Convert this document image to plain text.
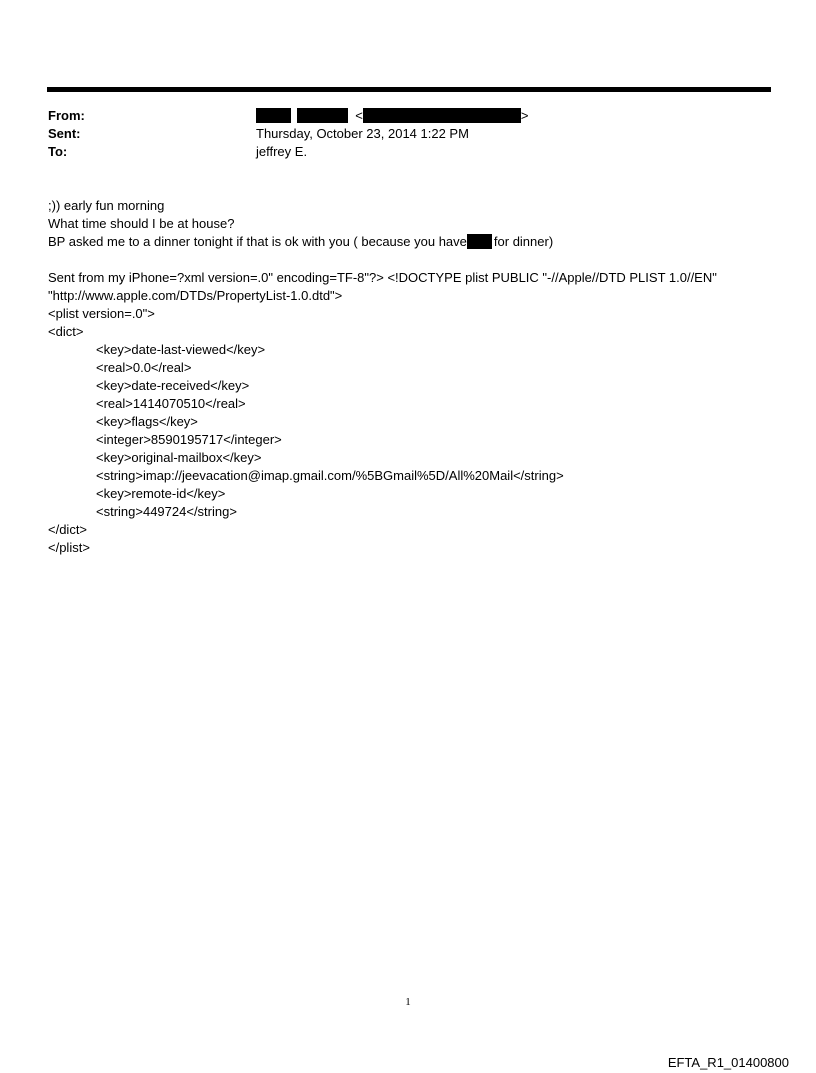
From:	<	>
Sent:	Thursday, October 23, 2014 1:22 PM
To:	jeffrey E.
;)) early fun morning
What time should I be at house?
BP asked me to a dinner tonight if that is ok with you ( because you have for dinner)
Sent from my iPhone=?xml version=.0" encoding=TF-8"?> <!DOCTYPE plist PUBLIC "-//Apple//DTD PLIST 1.0//EN"
"http://www.apple.com/DTDs/PropertyList-1.0.dtd">
<plist version=.0">
<dict>
<key>date-last-viewed</key>
<real>0.0</real>
<key>date-received</key>
<real>1414070510</real>
<key>flags</key>
<integer>8590195717</integer>
<key>original-mailbox</key>
<string>imap://jeevacation@imap.gmail.com/%5BGmail%5D/All%20Mail</string>
<key>remote-id</key>
<string>449724</string>
</dict>
</plist>
1
EFTA_R1_01400800
